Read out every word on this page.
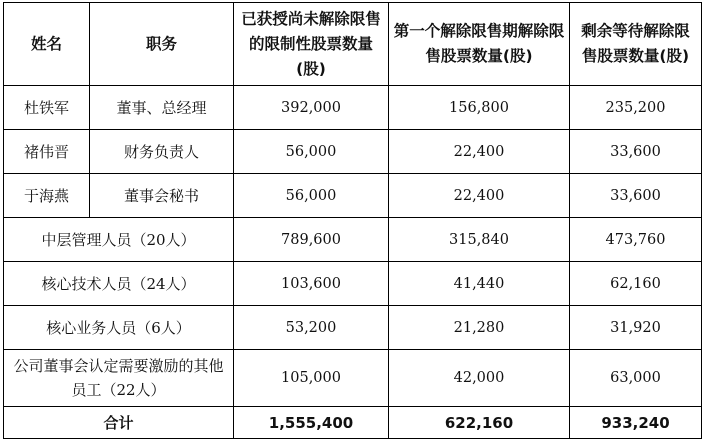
姓名	职务	已获授尚未解除限售的限制性股票数量(股)	第一个解除限售期解除限售股票数量(股)	剩余等待解除限售股票数量(股)
杜铁军	董事、总经理	392,000	156,800	235,200
褚伟晋	财务负责人	56,000	22,400	33,600
于海燕	董事会秘书	56,000	22,400	33,600
中层管理人员（20人）		789,600	315,840	473,760
核心技术人员（24人）		103,600	41,440	62,160
核心业务人员（6人）		53,200	21,280	31,920
公司董事会认定需要激励的其他员工（22人）		105,000	42,000	63,000
合计		1,555,400	622,160	933,240
